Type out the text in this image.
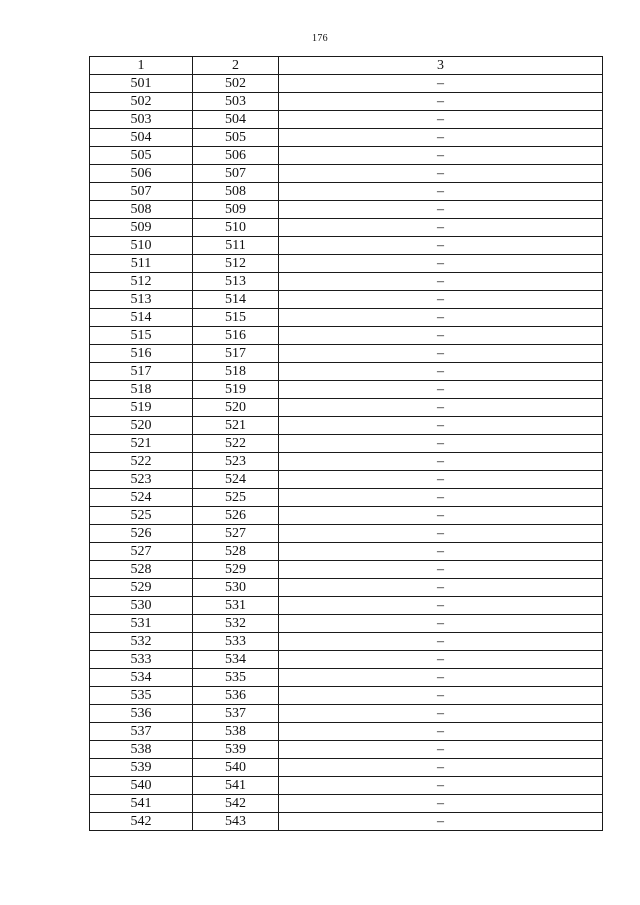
176
1	2	3
501	502	–
502	503	–
503	504	–
504	505	–
505	506	–
506	507	–
507	508	–
508	509	–
509	510	–
510	511	–
511	512	–
512	513	–
513	514	–
514	515	–
515	516	–
516	517	–
517	518	–
518	519	–
519	520	–
520	521	–
521	522	–
522	523	–
523	524	–
524	525	–
525	526	–
526	527	–
527	528	–
528	529	–
529	530	–
530	531	–
531	532	–
532	533	–
533	534	–
534	535	–
535	536	–
536	537	–
537	538	–
538	539	–
539	540	–
540	541	–
541	542	–
542	543	–
